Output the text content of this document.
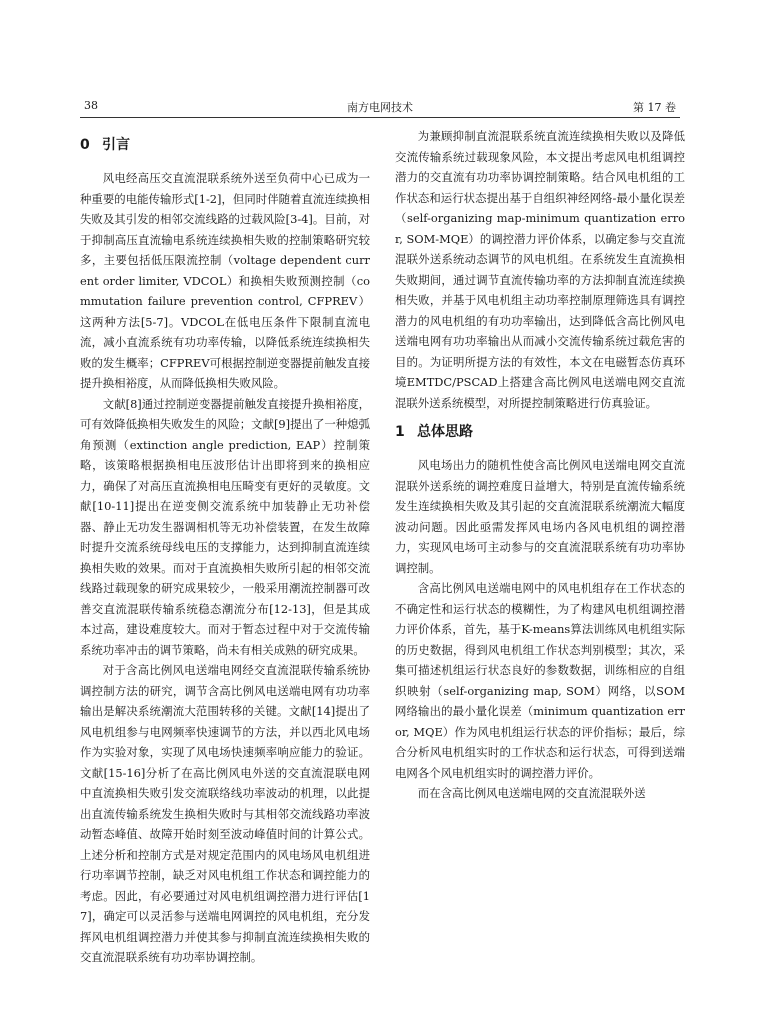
38	南方电网技术	第 17 卷
0 引言

风电经高压交直流混联系统外送至负荷中心已成为一种重要的电能传输形式[1-2]，但同时伴随着直流连续换相失败及其引发的相邻交流线路的过载风险[3-4]。目前，对于抑制高压直流输电系统连续换相失败的控制策略研究较多，主要包括低压限流控制（voltage dependent current order limiter, VDCOL）和换相失败预测控制（commutation failure prevention control, CFPREV）这两种方法[5-7]。VDCOL在低电压条件下限制直流电流，减小直流系统有功功率传输，以降低系统连续换相失败的发生概率；CFPREV可根据控制逆变器提前触发直接提升换相裕度，从而降低换相失败风险。

文献[8]通过控制逆变器提前触发直接提升换相裕度，可有效降低换相失败发生的风险；文献[9]提出了一种熄弧角预测（extinction angle prediction, EAP）控制策略，该策略根据换相电压波形估计出即将到来的换相应力，确保了对高压直流换相电压畸变有更好的灵敏度。文献[10-11]提出在逆变侧交流系统中加装静止无功补偿器、静止无功发生器调相机等无功补偿装置，在发生故障时提升交流系统母线电压的支撑能力，达到抑制直流连续换相失败的效果。而对于直流换相失败所引起的相邻交流线路过载现象的研究成果较少，一般采用潮流控制器可改善交直流混联传输系统稳态潮流分布[12-13]，但是其成本过高，建设难度较大。而对于暂态过程中对于交流传输系统功率冲击的调节策略，尚未有相关成熟的研究成果。

对于含高比例风电送端电网经交直流混联传输系统协调控制方法的研究，调节含高比例风电送端电网有功功率输出是解决系统潮流大范围转移的关键。文献[14]提出了风电机组参与电网频率快速调节的方法，并以西北风电场作为实验对象，实现了风电场快速频率响应能力的验证。文献[15-16]分析了在高比例风电外送的交直流混联电网中直流换相失败引发交流联络线功率波动的机理，以此提出直流传输系统发生换相失败时与其相邻交流线路功率波动暂态峰值、故障开始时刻至波动峰值时间的计算公式。上述分析和控制方式是对规定范围内的风电场风电机组进行功率调节控制，缺乏对风电机组工作状态和调控能力的考虑。因此，有必要通过对风电机组调控潜力进行评估[17]，确定可以灵活参与送端电网调控的风电机组，充分发挥风电机组调控潜力并使其参与抑制直流连续换相失败的交直流混联系统有功功率协调控制。

为兼顾抑制直流混联系统直流连续换相失败以及降低交流传输系统过载现象风险，本文提出考虑风电机组调控潜力的交直流有功功率协调控制策略。结合风电机组的工作状态和运行状态提出基于自组织神经网络-最小量化误差（self-organizing map-minimum quantization error, SOM-MQE）的调控潜力评价体系，以确定参与交直流混联外送系统动态调节的风电机组。在系统发生直流换相失败期间，通过调节直流传输功率的方法抑制直流连续换相失败，并基于风电机组主动功率控制原理筛选具有调控潜力的风电机组的有功功率输出，达到降低含高比例风电送端电网有功功率输出从而减小交流传输系统过载危害的目的。为证明所提方法的有效性，本文在电磁暂态仿真环境EMTDC/PSCAD上搭建含高比例风电送端电网交直流混联外送系统模型，对所提控制策略进行仿真验证。

1 总体思路

风电场出力的随机性使含高比例风电送端电网交直流混联外送系统的调控难度日益增大，特别是直流传输系统发生连续换相失败及其引起的交直流混联系统潮流大幅度波动问题。因此亟需发挥风电场内各风电机组的调控潜力，实现风电场可主动参与的交直流混联系统有功功率协调控制。

含高比例风电送端电网中的风电机组存在工作状态的不确定性和运行状态的模糊性，为了构建风电机组调控潜力评价体系，首先，基于K-means算法训练风电机组实际的历史数据，得到风电机组工作状态判别模型；其次，采集可描述机组运行状态良好的参数数据，训练相应的自组织映射（self-organizing map, SOM）网络，以SOM网络输出的最小量化误差（minimum quantization error, MQE）作为风电机组运行状态的评价指标；最后，综合分析风电机组实时的工作状态和运行状态，可得到送端电网各个风电机组实时的调控潜力评价。

而在含高比例风电送端电网的交直流混联外送
